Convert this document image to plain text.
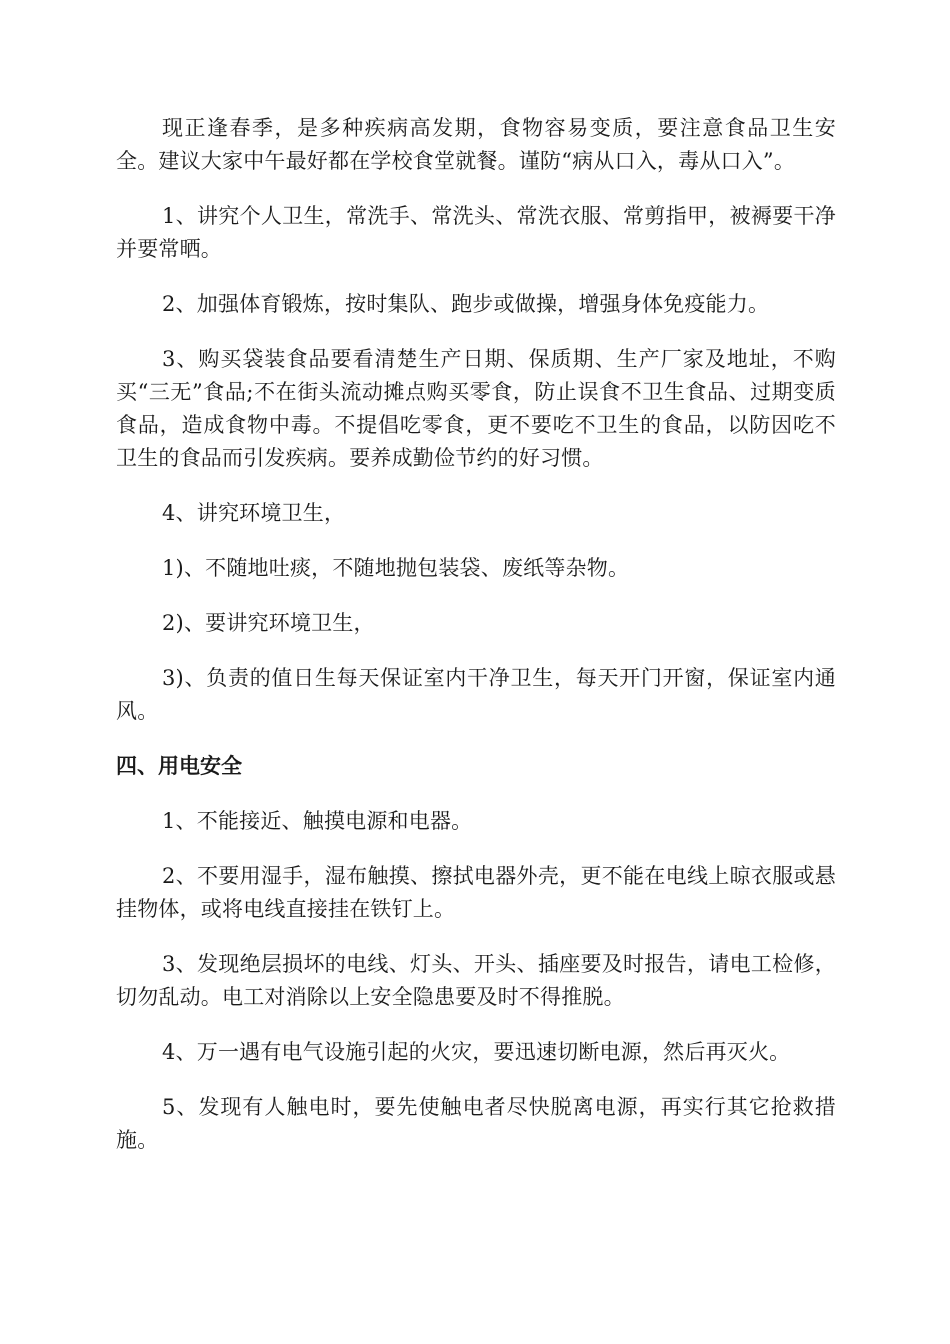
现正逢春季，是多种疾病高发期，食物容易变质，要注意食品卫生安全。建议大家中午最好都在学校食堂就餐。谨防“病从口入，毒从口入”。

1、讲究个人卫生，常洗手、常洗头、常洗衣服、常剪指甲，被褥要干净并要常晒。

2、加强体育锻炼，按时集队、跑步或做操，增强身体免疫能力。

3、购买袋装食品要看清楚生产日期、保质期、生产厂家及地址，不购买“三无”食品;不在街头流动摊点购买零食，防止误食不卫生食品、过期变质食品，造成食物中毒。不提倡吃零食，更不要吃不卫生的食品，以防因吃不卫生的食品而引发疾病。要养成勤俭节约的好习惯。

4、讲究环境卫生，

1)、不随地吐痰，不随地抛包装袋、废纸等杂物。

2)、要讲究环境卫生，

3)、负责的值日生每天保证室内干净卫生，每天开门开窗，保证室内通风。

四、用电安全

1、不能接近、触摸电源和电器。

2、不要用湿手，湿布触摸、擦拭电器外壳，更不能在电线上晾衣服或悬挂物体，或将电线直接挂在铁钉上。

3、发现绝层损坏的电线、灯头、开头、插座要及时报告，请电工检修，切勿乱动。电工对消除以上安全隐患要及时不得推脱。

4、万一遇有电气设施引起的火灾，要迅速切断电源，然后再灭火。

5、发现有人触电时，要先使触电者尽快脱离电源，再实行其它抢救措施。
